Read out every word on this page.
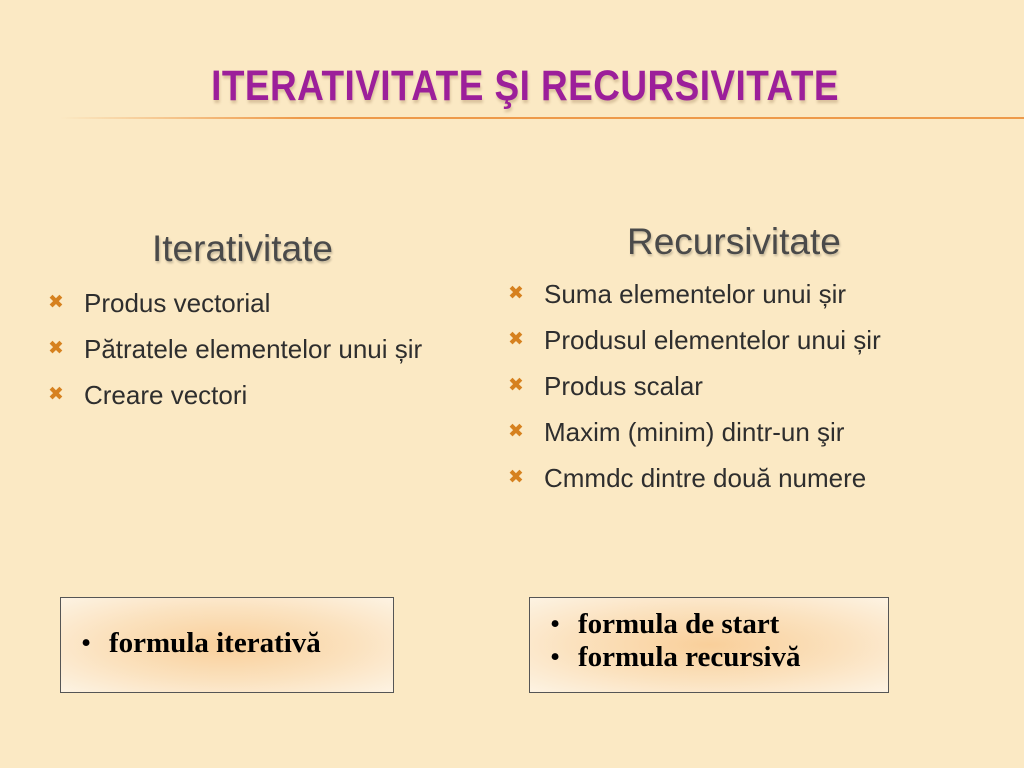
ITERATIVITATE ŞI RECURSIVITATE
Iterativitate
✖ Produs vectorial
✖ Pătratele elementelor unui șir
✖ Creare vectori
Recursivitate
✖ Suma elementelor unui șir
✖ Produsul elementelor unui șir
✖ Produs scalar
✖ Maxim (minim) dintr-un şir
✖ Cmmdc dintre două numere
• formula iterativă
• formula de start
• formula recursivă
